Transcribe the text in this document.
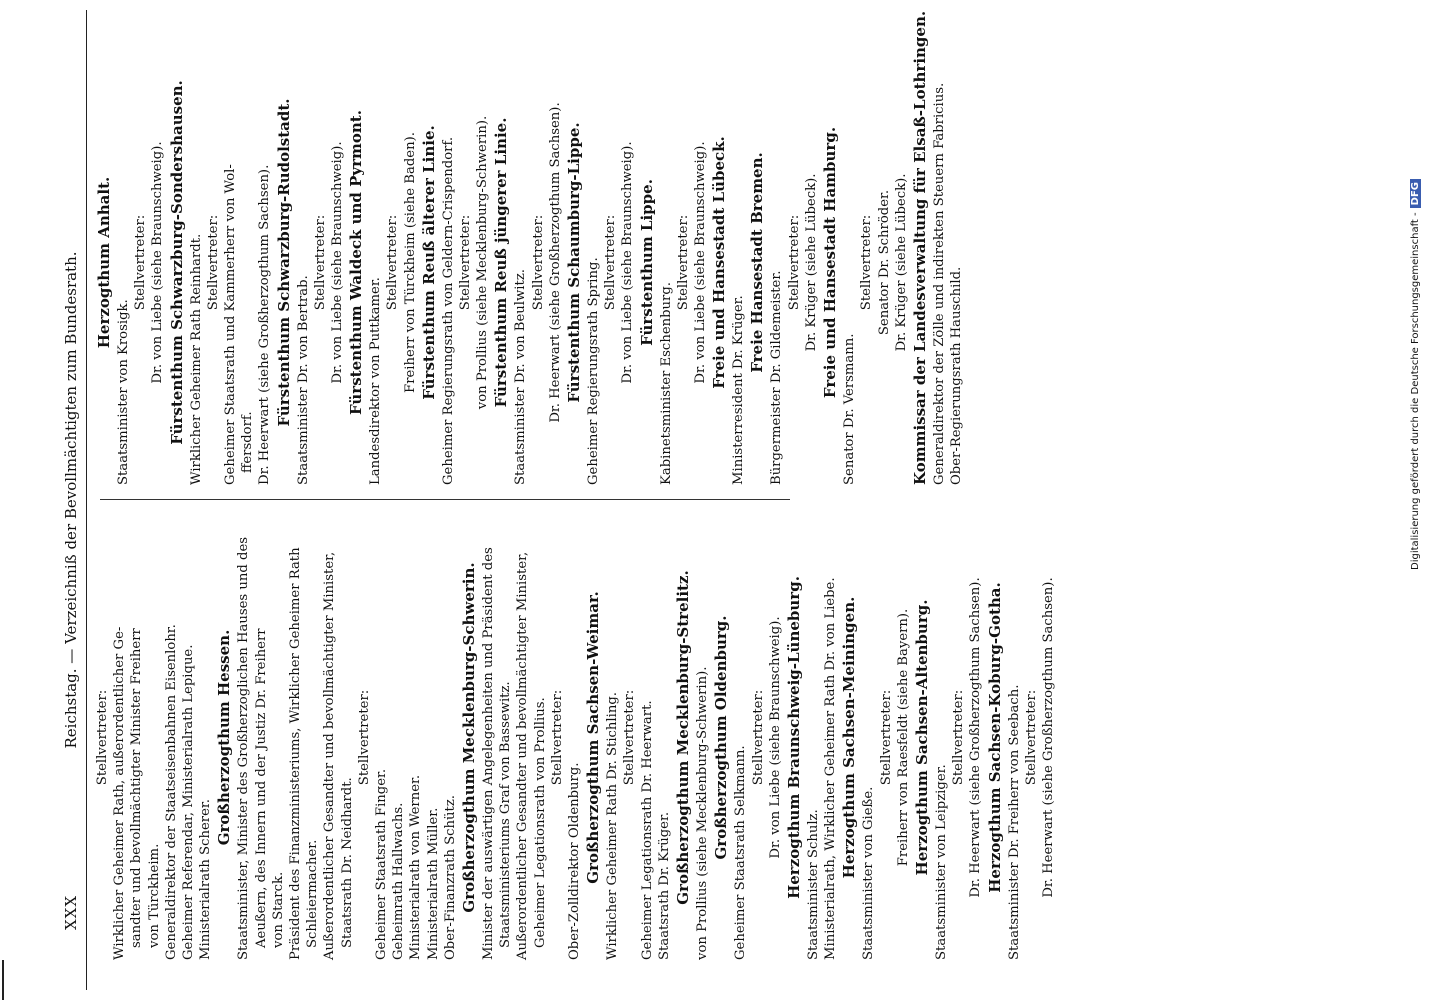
XXX
Reichstag. — Verzeichniß der Bevollmächtigten zum Bundesrath. Stellvertreter: Wirklicher Geheimer Rath, außerordentlicher Ge- sandter und bevollmächtigter Minister Freiherr von Türckheim. Generaldirektor der Staatseisenbahnen Eisenlohr. Geheimer Referendar, Ministerialrath Lepique. Ministerialrath Scherer.
Großherzogthum Hessen. Staatsminister, Minister des Großherzoglichen Hauses und des Aeußern, des Innern und der Justiz Dr. Freiherr von Starck. Präsident des Finanzministeriums, Wirklicher Geheimer Rath Schleiermacher. Außerordentlicher Gesandter und bevollmächtigter Minister, Staatsrath Dr. Neidhardt.
Stellvertreter:
Geheimer Staatsrath Finger. Geheimrath Hallwachs. Ministerialrath von Werner. Ministerialrath Müller. Ober-Finanzrath Schütz. Großherzogthum Mecklenburg-Schwerin. Minister der auswärtigen Angelegenheiten und Präsident des Staatsministeriums Graf von Bassewitz. Außerordentlicher Gesandter und bevollmächtigter Minister, Geheimer Legationsrath von Prollius. Stellvertreter:
Ober-Zolldirektor Oldenburg. Großherzogthum Sachsen-Weimar. Wirklicher Geheimer Rath Dr. Stichling. Stellvertreter: Geheimer Legationsrath Dr. Heerwart. Staatsrath Dr. Krüger. Großherzogthum Mecklenburg-Strelitz. von Prollius (siehe Mecklenburg-Schwerin). Großherzogthum Oldenburg. Geheimer Staatsrath Selkmann.
Stellvertreter: Dr. von Liebe (siehe Braunschweig). Herzogthum Braunschweig-Lüneburg. Staatsminister Schulz. Ministerialrath, Wirklicher Geheimer Rath Dr. von Liebe. Herzogthum Sachsen-Meiningen. Staatsminister von Gieße.
Stellvertreter: Freiherr von Raesfeldt (siehe Bayern). Herzogthum Sachsen-Altenburg. Staatsminister von Leipziger.
Stellvertreter: Dr. Heerwart (siehe Großherzogthum Sachsen). Herzogthum Sachsen-Koburg-Gotha. Staatsminister Dr. Freiherr von Seebach. Stellvertreter: Dr. Heerwart (siehe Großherzogthum Sachsen).
Herzogthum Anhalt.
Staatsminister von Krosigk.
Stellvertreter: Dr. von Liebe (siehe Braunschweig). Fürstenthum Schwarzburg-Sondershausen. Wirklicher Geheimer Rath Reinhardt. Stellvertreter: Geheimer Staatsrath und Kammerherr von Wol- ffersdorf. Dr. Heerwart (siehe Großherzogthum Sachsen). Fürstenthum Schwarzburg-Rudolstadt. Staatsminister Dr. von Bertrab.
Stellvertreter: Dr. von Liebe (siehe Braunschweig). Fürstenthum Waldeck und Pyrmont. Landesdirektor von Puttkamer.
Stellvertreter: Freiherr von Türckheim (siehe Baden). Fürstenthum Reuß älterer Linie. Geheimer Regierungsrath von Geldern-Crispendorf. Stellvertreter: von Prollius (siehe Mecklenburg-Schwerin). Fürstenthum Reuß jüngerer Linie. Staatsminister Dr. von Beulwitz.
Stellvertreter: Dr. Heerwart (siehe Großherzogthum Sachsen). Fürstenthum Schaumburg-Lippe. Geheimer Regierungsrath Spring. Stellvertreter: Dr. von Liebe (siehe Braunschweig). Fürstenthum Lippe.
Kabinetsminister Eschenburg.
Stellvertreter: Dr. von Liebe (siehe Braunschweig). Freie und Hansestadt Lübeck.
Ministerresident Dr. Krüger.
Freie Hansestadt Bremen.
Bürgermeister Dr. Gildemeister.
Stellvertreter: Dr. Krüger (siehe Lübeck). Freie und Hansestadt Hamburg.
Senator Dr. Versmann.
Stellvertreter: Senator Dr. Schröder. Dr. Krüger (siehe Lübeck). Kommissar der Landesverwaltung für Elsaß-Lothringen. Generaldirektor der Zölle und indirekten Steuern Fabricius. Ober-Regierungsrath Hauschild.	Digitalisierung gefördert durch die Deutsche Forschungsgemeinschaft -DFG
